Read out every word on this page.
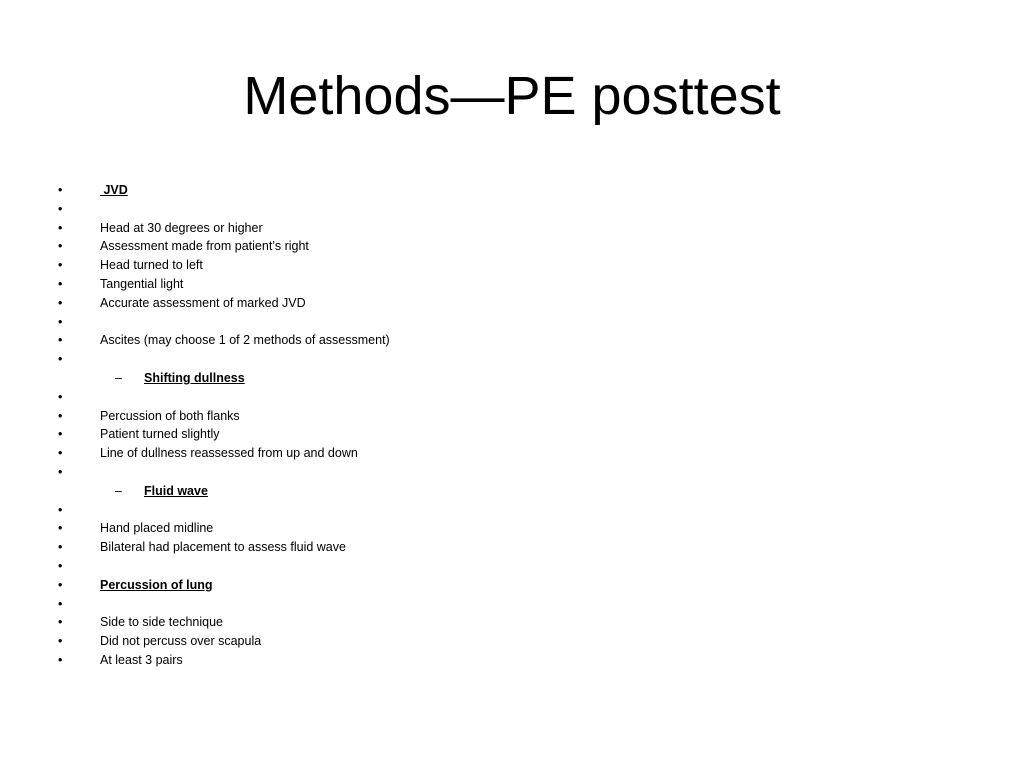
Methods—PE posttest
•	JVD
•
•	Head at 30 degrees or higher
•	Assessment made from patient’s right
•	Head turned to left
•	Tangential light
•	Accurate assessment of marked JVD
•
•	Ascites (may choose 1 of 2 methods of assessment)
•
– Shifting dullness
•
•	Percussion of both flanks
•	Patient turned slightly
•	Line of dullness reassessed from up and down
•
– Fluid wave
•
•	Hand placed midline
•	Bilateral had placement to assess fluid wave
•
•	Percussion of lung
•
•	Side to side technique
•	Did not percuss over scapula
•	At least 3 pairs
